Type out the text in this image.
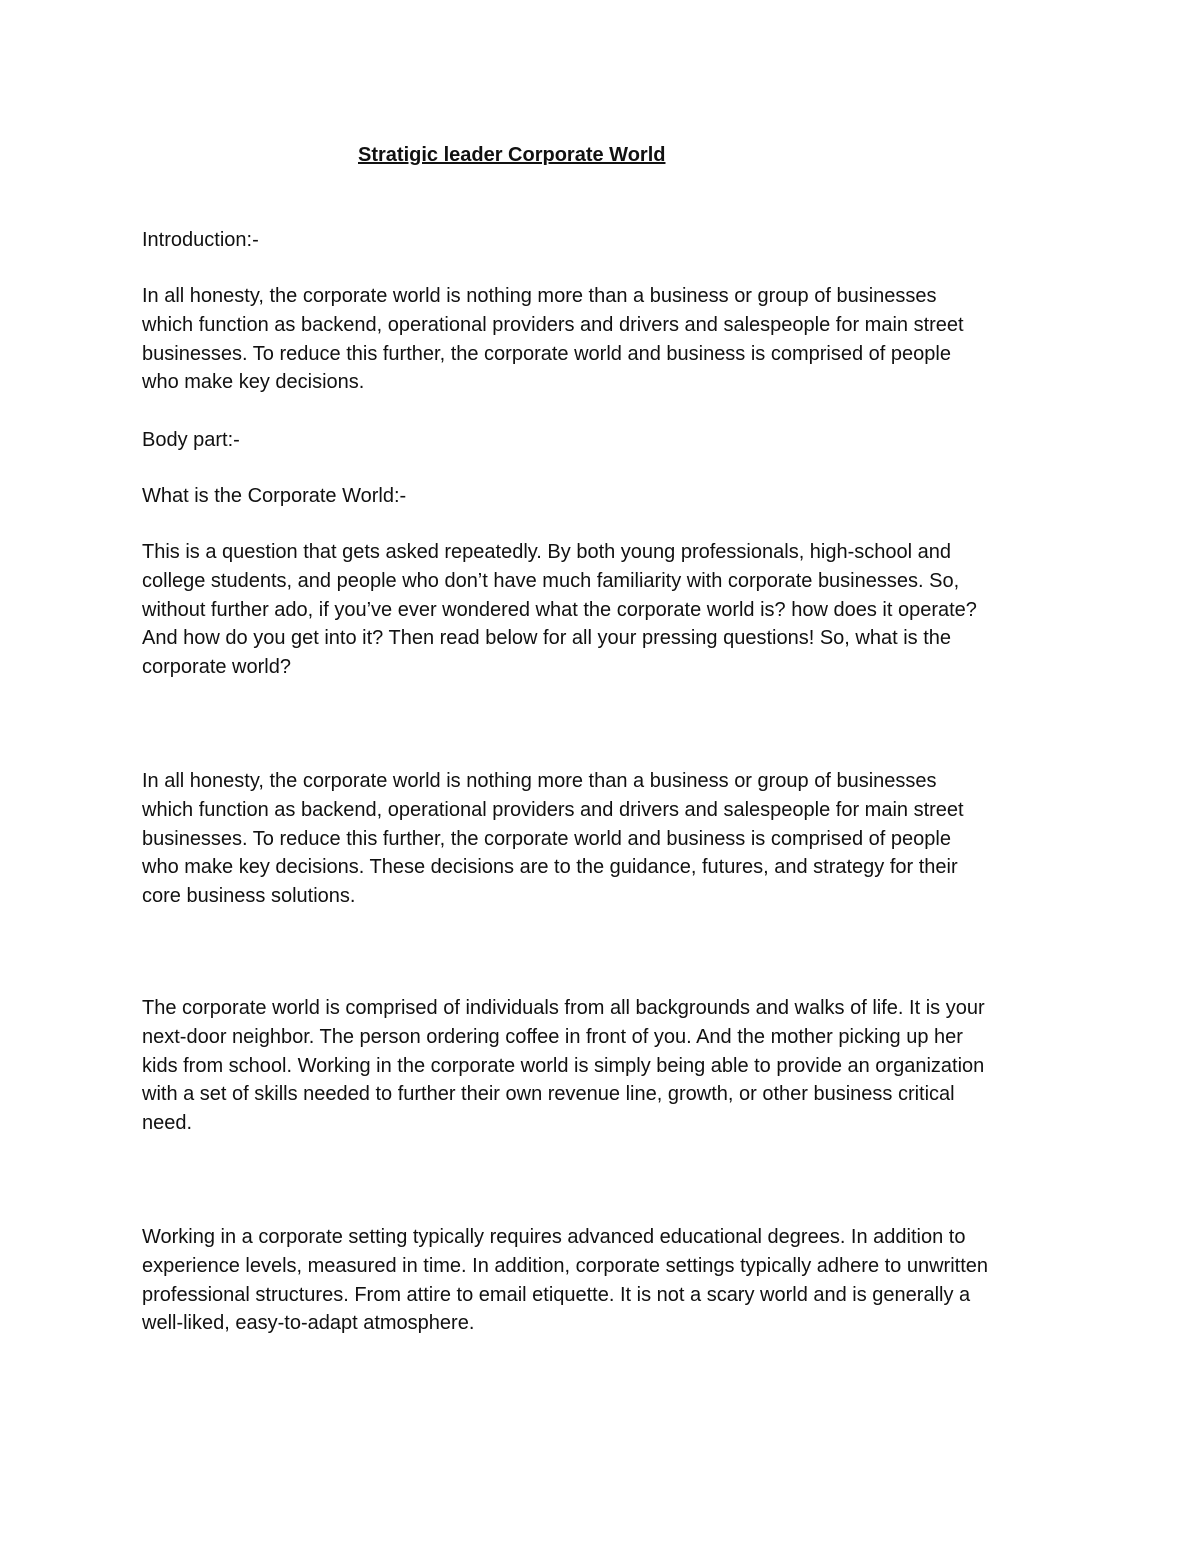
Stratigic leader Corporate World

Introduction:-

In all honesty, the corporate world is nothing more than a business or group of businesses
which function as backend, operational providers and drivers and salespeople for main street
businesses. To reduce this further, the corporate world and business is comprised of people
who make key decisions.

Body part:-

What is the Corporate World:-

This is a question that gets asked repeatedly. By both young professionals, high-school and
college students, and people who don’t have much familiarity with corporate businesses. So,
without further ado, if you’ve ever wondered what the corporate world is? how does it operate?
And how do you get into it? Then read below for all your pressing questions! So, what is the
corporate world?

In all honesty, the corporate world is nothing more than a business or group of businesses
which function as backend, operational providers and drivers and salespeople for main street
businesses. To reduce this further, the corporate world and business is comprised of people
who make key decisions. These decisions are to the guidance, futures, and strategy for their
core business solutions.

The corporate world is comprised of individuals from all backgrounds and walks of life. It is your
next-door neighbor. The person ordering coffee in front of you. And the mother picking up her
kids from school. Working in the corporate world is simply being able to provide an organization
with a set of skills needed to further their own revenue line, growth, or other business critical
need.

Working in a corporate setting typically requires advanced educational degrees. In addition to
experience levels, measured in time. In addition, corporate settings typically adhere to unwritten
professional structures. From attire to email etiquette. It is not a scary world and is generally a
well-liked, easy-to-adapt atmosphere.
